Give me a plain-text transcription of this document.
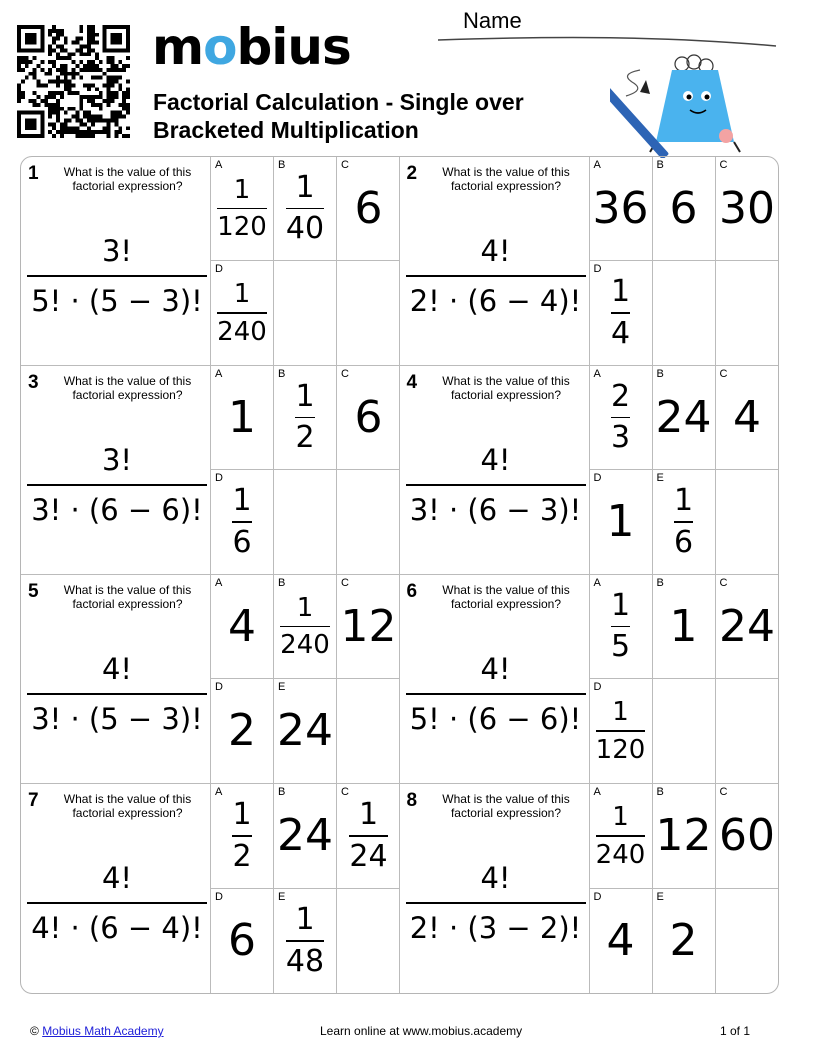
mobius
Factorial Calculation - Single over Bracketed Multiplication
Name
1	What is the value of this factorial expression?
3!
5! · (5 − 3)!
A
$\frac{1}{120}$
B
$\frac{1}{40}$
C
6
D
$\frac{1}{240}$
2	What is the value of this factorial expression?
4!
2! · (6 − 4)!
A
36
B
6
C
30
D
$\frac{1}{4}$
3	What is the value of this factorial expression?
3!
3! · (6 − 6)!
A
1
B
$\frac{1}{2}$
C
6
D
$\frac{1}{6}$
4	What is the value of this factorial expression?
4!
3! · (6 − 3)!
A
$\frac{2}{3}$
B
24
C
4
D
1
E
$\frac{1}{6}$
5	What is the value of this factorial expression?
4!
3! · (5 − 3)!
A
4
B
$\frac{1}{240}$
C
12
D
2
E
24
6	What is the value of this factorial expression?
4!
5! · (6 − 6)!
A
$\frac{1}{5}$
B
1
C
24
D
$\frac{1}{120}$
7	What is the value of this factorial expression?
4!
4! · (6 − 4)!
A
$\frac{1}{2}$
B
24
C
$\frac{1}{24}$
D
6
E
$\frac{1}{48}$
8	What is the value of this factorial expression?
4!
2! · (3 − 2)!
A
$\frac{1}{240}$
B
12
C
60
D
4
E
2
© Mobius Math Academy	Learn online at www.mobius.academy	1 of 1
